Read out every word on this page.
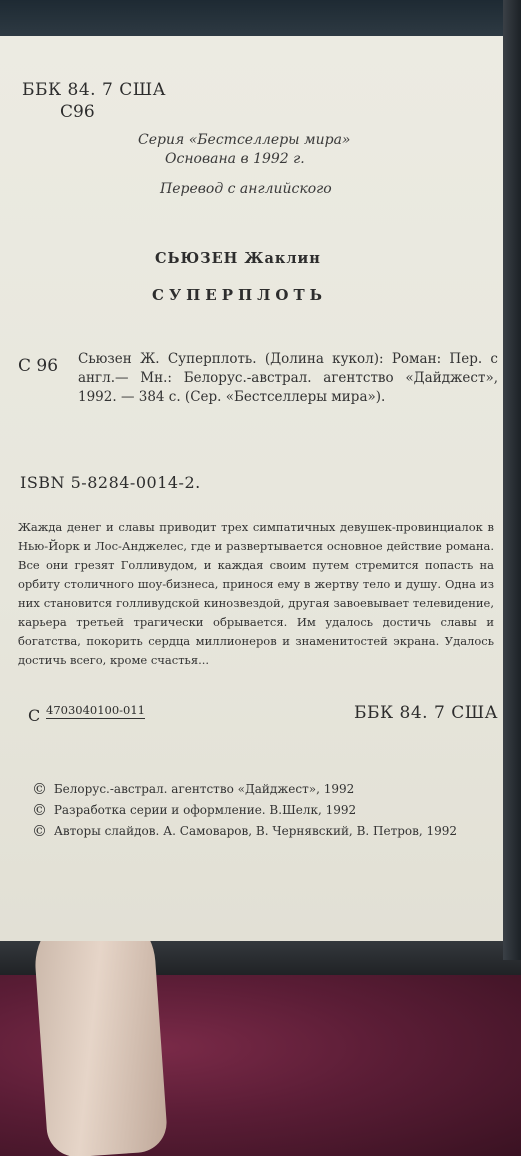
ББК 84. 7 США
С96
Серия «Бестселлеры мира»
Основана в 1992 г.
Перевод с английского
СЬЮЗЕН Жаклин
СУПЕРПЛОТЬ
С 96 Сьюзен Ж. Суперплоть. (Долина кукол): Роман: Пер. с англ.— Мн.: Белорус.-австрал. агентство «Дайджест», 1992. — 384 с. (Сер. «Бестселлеры мира»).
ISBN 5-8284-0014-2.
Жажда денег и славы приводит трех симпатичных девушек-провинциалок в Нью-Йорк и Лос-Анджелес, где и развертывается основное действие романа. Все они грезят Голливудом, и каждая своим путем стремится попасть на орбиту столичного шоу-бизнеса, принося ему в жертву тело и душу. Одна из них становится голливудской кинозвездой, другая завоевывает телевидение, карьера третьей трагически обрывается. Им удалось достичь славы и богатства, покорить сердца миллионеров и знаменитостей экрана. Удалось достичь всего, кроме счастья...
С 4703040100-011	ББК 84. 7 США
© Белорус.-австрал. агентство «Дайджест», 1992
© Разработка серии и оформление. В.Шелк, 1992
© Авторы слайдов. А. Самоваров, В. Чернявский, В. Петров, 1992
